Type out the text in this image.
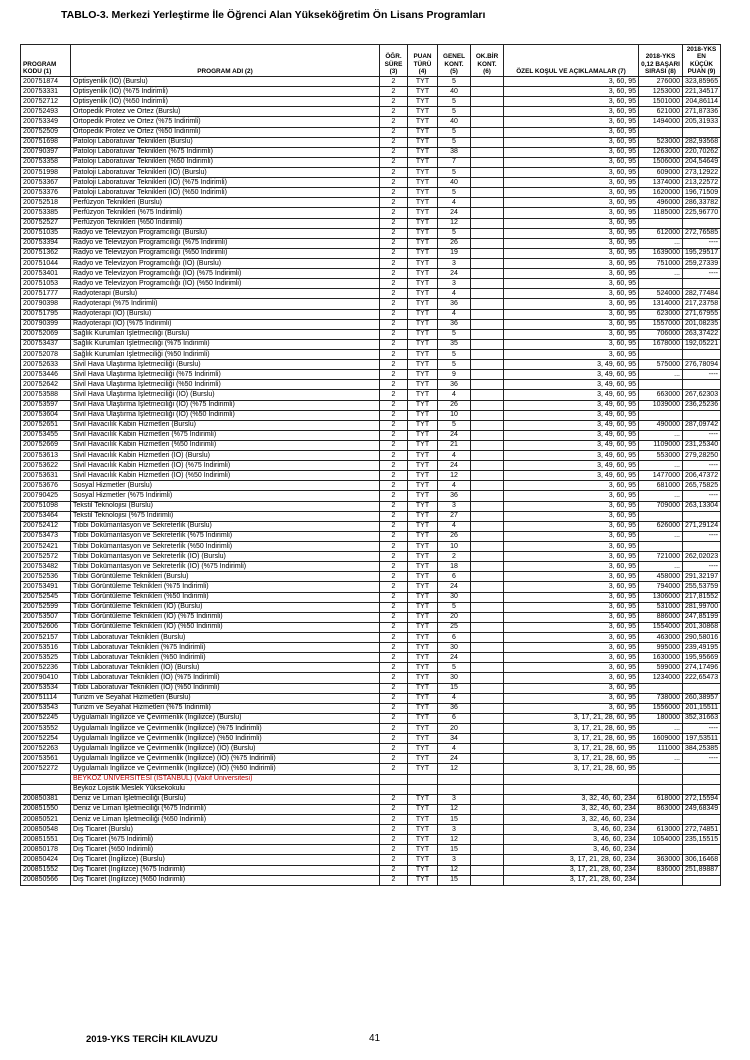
TABLO-3. Merkezi Yerleştirme İle Öğrenci Alan Yükseköğretim Ön Lisans Programları
PROGRAM KODU (1)	PROGRAM ADI (2)	ÖĞR. SÜRE (3)	PUAN TÜRÜ (4)	GENEL KONT. (5)	OK.BİR KONT. (6)	ÖZEL KOŞUL VE AÇIKLAMALAR (7)	2018-YKS 0,12 BAŞARI SIRASI (8)	2018-YKS EN KÜÇÜK PUAN (9)
200751874	Optisyenlik (İÖ) (Burslu)	2	TYT	5		3, 60, 95	276000	323,85965
200753331	Optisyenlik (İÖ) (%75 İndirimli)	2	TYT	40		3, 60, 95	1253000	221,34517
200752712	Optisyenlik (İÖ) (%50 İndirimli)	2	TYT	5		3, 60, 95	1501000	204,86114
200752493	Ortopedik Protez ve Ortez (Burslu)	2	TYT	5		3, 60, 95	621000	271,87336
200753349	Ortopedik Protez ve Ortez (%75 İndirimli)	2	TYT	40		3, 60, 95	1494000	205,31933
200752509	Ortopedik Protez ve Ortez (%50 İndirimli)	2	TYT	5		3, 60, 95		
200751698	Patoloji Laboratuvar Teknikleri (Burslu)	2	TYT	5		3, 60, 95	523000	282,93568
200790397	Patoloji Laboratuvar Teknikleri (%75 İndirimli)	2	TYT	38		3, 60, 95	1263000	220,70262
200753358	Patoloji Laboratuvar Teknikleri (%50 İndirimli)	2	TYT	7		3, 60, 95	1506000	204,54649
200751998	Patoloji Laboratuvar Teknikleri (İÖ) (Burslu)	2	TYT	5		3, 60, 95	609000	273,12922
200753367	Patoloji Laboratuvar Teknikleri (İÖ) (%75 İndirimli)	2	TYT	40		3, 60, 95	1374000	213,22572
200753376	Patoloji Laboratuvar Teknikleri (İÖ) (%50 İndirimli)	2	TYT	5		3, 60, 95	1620000	196,71509
200752518	Perfüzyon Teknikleri (Burslu)	2	TYT	4		3, 60, 95	496000	286,33782
200753385	Perfüzyon Teknikleri (%75 İndirimli)	2	TYT	24		3, 60, 95	1185000	225,96770
200752527	Perfüzyon Teknikleri (%50 İndirimli)	2	TYT	12		3, 60, 95		
200751035	Radyo ve Televizyon Programcılığı (Burslu)	2	TYT	5		3, 60, 95	612000	272,76585
200753394	Radyo ve Televizyon Programcılığı (%75 İndirimli)	2	TYT	26		3, 60, 95	...	----
200751362	Radyo ve Televizyon Programcılığı (%50 İndirimli)	2	TYT	19		3, 60, 95	1639000	195,29517
200751044	Radyo ve Televizyon Programcılığı (İÖ) (Burslu)	2	TYT	3		3, 60, 95	751000	259,27339
200753401	Radyo ve Televizyon Programcılığı (İÖ) (%75 İndirimli)	2	TYT	24		3, 60, 95	...	----
200751053	Radyo ve Televizyon Programcılığı (İÖ) (%50 İndirimli)	2	TYT	3		3, 60, 95		
200751777	Radyoterapi (Burslu)	2	TYT	4		3, 60, 95	524000	282,77484
200790398	Radyoterapi (%75 İndirimli)	2	TYT	36		3, 60, 95	1314000	217,23758
200751795	Radyoterapi (İÖ) (Burslu)	2	TYT	4		3, 60, 95	623000	271,67955
200790399	Radyoterapi (İÖ) (%75 İndirimli)	2	TYT	36		3, 60, 95	1557000	201,08235
200752069	Sağlık Kurumları İşletmeciliği (Burslu)	2	TYT	5		3, 60, 95	706000	263,37422
200753437	Sağlık Kurumları İşletmeciliği (%75 İndirimli)	2	TYT	35		3, 60, 95	1678000	192,05221
200752078	Sağlık Kurumları İşletmeciliği (%50 İndirimli)	2	TYT	5		3, 60, 95		
200752633	Sivil Hava Ulaştırma İşletmeciliği (Burslu)	2	TYT	5		3, 49, 60, 95	575000	276,78094
200753446	Sivil Hava Ulaştırma İşletmeciliği (%75 İndirimli)	2	TYT	9		3, 49, 60, 95	...	----
200752642	Sivil Hava Ulaştırma İşletmeciliği (%50 İndirimli)	2	TYT	36		3, 49, 60, 95		
200753588	Sivil Hava Ulaştırma İşletmeciliği (İÖ) (Burslu)	2	TYT	4		3, 49, 60, 95	663000	267,62303
200753597	Sivil Hava Ulaştırma İşletmeciliği (İÖ) (%75 İndirimli)	2	TYT	26		3, 49, 60, 95	1039000	236,25236
200753604	Sivil Hava Ulaştırma İşletmeciliği (İÖ) (%50 İndirimli)	2	TYT	10		3, 49, 60, 95		
200752651	Sivil Havacılık Kabin Hizmetleri (Burslu)	2	TYT	5		3, 49, 60, 95	490000	287,09742
200753455	Sivil Havacılık Kabin Hizmetleri (%75 İndirimli)	2	TYT	24		3, 49, 60, 95	...	----
200752669	Sivil Havacılık Kabin Hizmetleri (%50 İndirimli)	2	TYT	21		3, 49, 60, 95	1109000	231,25340
200753613	Sivil Havacılık Kabin Hizmetleri (İÖ) (Burslu)	2	TYT	4		3, 49, 60, 95	553000	279,28250
200753622	Sivil Havacılık Kabin Hizmetleri (İÖ) (%75 İndirimli)	2	TYT	24		3, 49, 60, 95	...	----
200753631	Sivil Havacılık Kabin Hizmetleri (İÖ) (%50 İndirimli)	2	TYT	12		3, 49, 60, 95	1477000	206,47372
200753676	Sosyal Hizmetler (Burslu)	2	TYT	4		3, 60, 95	681000	265,75825
200790425	Sosyal Hizmetler (%75 İndirimli)	2	TYT	36		3, 60, 95	...	----
200751098	Tekstil Teknolojisi (Burslu)	2	TYT	3		3, 60, 95	709000	263,13304
200753464	Tekstil Teknolojisi (%75 İndirimli)	2	TYT	27		3, 60, 95		
200752412	Tıbbi Dokümantasyon ve Sekreterlik (Burslu)	2	TYT	4		3, 60, 95	626000	271,29124
200753473	Tıbbi Dokümantasyon ve Sekreterlik (%75 İndirimli)	2	TYT	26		3, 60, 95	...	----
200752421	Tıbbi Dokümantasyon ve Sekreterlik (%50 İndirimli)	2	TYT	10		3, 60, 95		
200752572	Tıbbi Dokümantasyon ve Sekreterlik (İÖ) (Burslu)	2	TYT	2		3, 60, 95	721000	262,02023
200753482	Tıbbi Dokümantasyon ve Sekreterlik (İÖ) (%75 İndirimli)	2	TYT	18		3, 60, 95	...	----
200752536	Tıbbi Görüntüleme Teknikleri (Burslu)	2	TYT	6		3, 60, 95	458000	291,32197
200753491	Tıbbi Görüntüleme Teknikleri (%75 İndirimli)	2	TYT	24		3, 60, 95	794000	255,53759
200752545	Tıbbi Görüntüleme Teknikleri (%50 İndirimli)	2	TYT	30		3, 60, 95	1306000	217,81552
200752599	Tıbbi Görüntüleme Teknikleri (İÖ) (Burslu)	2	TYT	5		3, 60, 95	531000	281,99700
200753507	Tıbbi Görüntüleme Teknikleri (İÖ) (%75 İndirimli)	2	TYT	20		3, 60, 95	886000	247,85199
200752606	Tıbbi Görüntüleme Teknikleri (İÖ) (%50 İndirimli)	2	TYT	25		3, 60, 95	1554000	201,30868
200752157	Tıbbi Laboratuvar Teknikleri (Burslu)	2	TYT	6		3, 60, 95	463000	290,58016
200753516	Tıbbi Laboratuvar Teknikleri (%75 İndirimli)	2	TYT	30		3, 60, 95	995000	239,49195
200753525	Tıbbi Laboratuvar Teknikleri (%50 İndirimli)	2	TYT	24		3, 60, 95	1630000	195,95669
200752236	Tıbbi Laboratuvar Teknikleri (İÖ) (Burslu)	2	TYT	5		3, 60, 95	599000	274,17496
200790410	Tıbbi Laboratuvar Teknikleri (İÖ) (%75 İndirimli)	2	TYT	30		3, 60, 95	1234000	222,65473
200753534	Tıbbi Laboratuvar Teknikleri (İÖ) (%50 İndirimli)	2	TYT	15		3, 60, 95		
200751114	Turizm ve Seyahat Hizmetleri (Burslu)	2	TYT	4		3, 60, 95	738000	260,38957
200753543	Turizm ve Seyahat Hizmetleri (%75 İndirimli)	2	TYT	36		3, 60, 95	1556000	201,15511
200752245	Uygulamalı İngilizce ve Çevirmenlik (İngilizce) (Burslu)	2	TYT	6		3, 17, 21, 28, 60, 95	180000	352,31663
200753552	Uygulamalı İngilizce ve Çevirmenlik (İngilizce) (%75 İndirimli)	2	TYT	20		3, 17, 21, 28, 60, 95	...	----
200752254	Uygulamalı İngilizce ve Çevirmenlik (İngilizce) (%50 İndirimli)	2	TYT	34		3, 17, 21, 28, 60, 95	1609000	197,53511
200752263	Uygulamalı İngilizce ve Çevirmenlik (İngilizce) (İÖ) (Burslu)	2	TYT	4		3, 17, 21, 28, 60, 95	111000	384,25385
200753561	Uygulamalı İngilizce ve Çevirmenlik (İngilizce) (İÖ) (%75 İndirimli)	2	TYT	24		3, 17, 21, 28, 60, 95	...	----
200752272	Uygulamalı İngilizce ve Çevirmenlik (İngilizce) (İÖ) (%50 İndirimli)	2	TYT	12		3, 17, 21, 28, 60, 95		
	BEYKOZ ÜNİVERSİTESİ (İSTANBUL) (Vakıf Üniversitesi)							
	Beykoz Lojistik Meslek Yüksekokulu							
200850381	Deniz ve Liman İşletmeciliği (Burslu)	2	TYT	3		3, 32, 46, 60, 234	618000	272,15594
200851550	Deniz ve Liman İşletmeciliği (%75 İndirimli)	2	TYT	12		3, 32, 46, 60, 234	863000	249,68349
200850521	Deniz ve Liman İşletmeciliği (%50 İndirimli)	2	TYT	15		3, 32, 46, 60, 234		
200850548	Dış Ticaret (Burslu)	2	TYT	3		3, 46, 60, 234	613000	272,74851
200851551	Dış Ticaret (%75 İndirimli)	2	TYT	12		3, 46, 60, 234	1054000	235,15515
200850178	Dış Ticaret (%50 İndirimli)	2	TYT	15		3, 46, 60, 234		
200850424	Dış Ticaret (İngilizce) (Burslu)	2	TYT	3		3, 17, 21, 28, 60, 234	363000	306,16468
200851552	Dış Ticaret (İngilizce) (%75 İndirimli)	2	TYT	12		3, 17, 21, 28, 60, 234	836000	251,89887
200850566	Dış Ticaret (İngilizce) (%50 İndirimli)	2	TYT	15		3, 17, 21, 28, 60, 234		
2019-YKS TERCİH KILAVUZU	41
